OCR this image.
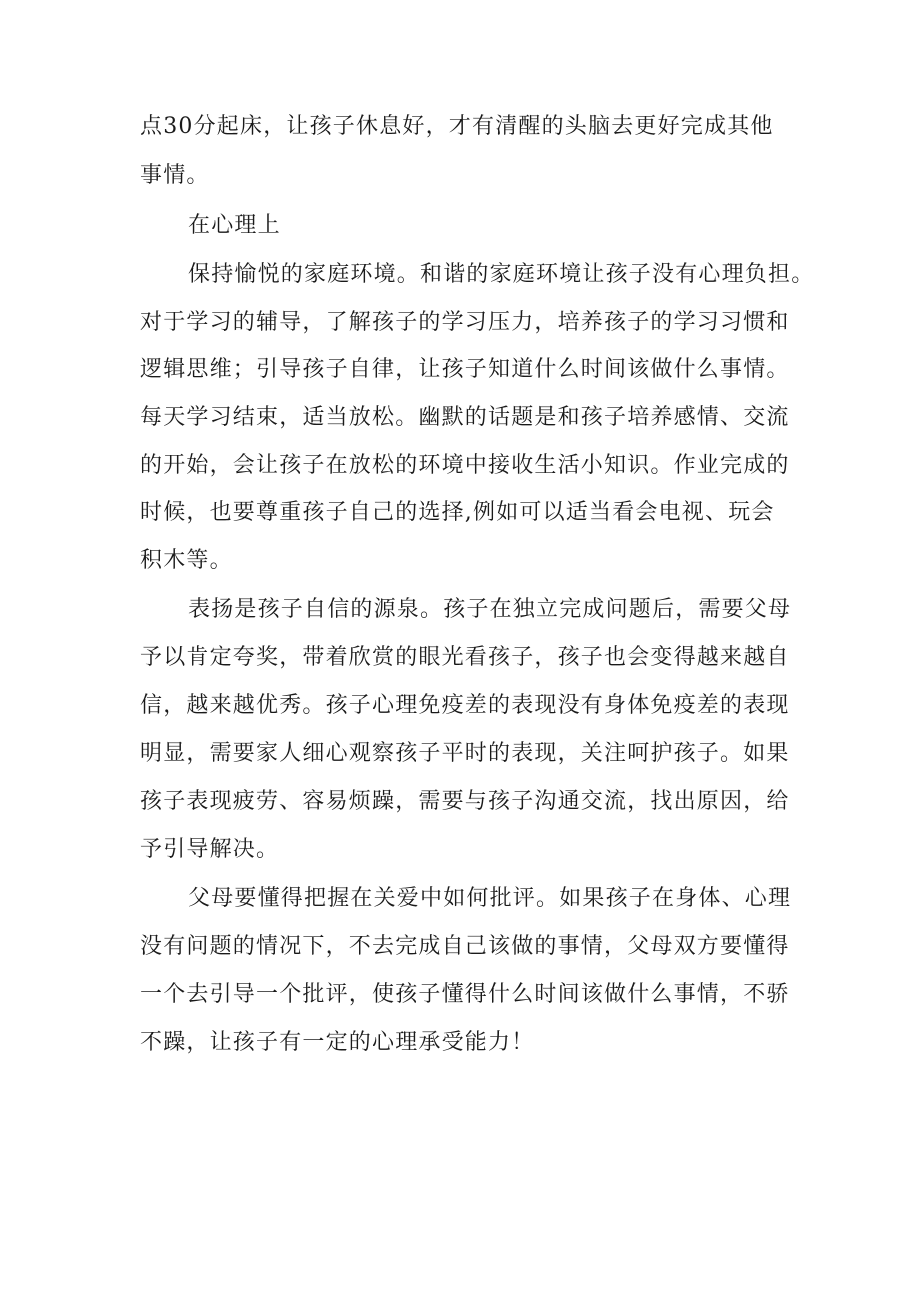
点30分起床，让孩子休息好，才有清醒的头脑去更好完成其他
事情。
在心理上
保持愉悦的家庭环境。和谐的家庭环境让孩子没有心理负担。
对于学习的辅导，了解孩子的学习压力，培养孩子的学习习惯和
逻辑思维；引导孩子自律，让孩子知道什么时间该做什么事情。
每天学习结束，适当放松。幽默的话题是和孩子培养感情、交流
的开始，会让孩子在放松的环境中接收生活小知识。作业完成的
时候，也要尊重孩子自己的选择,例如可以适当看会电视、玩会
积木等。
表扬是孩子自信的源泉。孩子在独立完成问题后，需要父母
予以肯定夸奖，带着欣赏的眼光看孩子，孩子也会变得越来越自
信，越来越优秀。孩子心理免疫差的表现没有身体免疫差的表现
明显，需要家人细心观察孩子平时的表现，关注呵护孩子。如果
孩子表现疲劳、容易烦躁，需要与孩子沟通交流，找出原因，给
予引导解决。
父母要懂得把握在关爱中如何批评。如果孩子在身体、心理
没有问题的情况下，不去完成自己该做的事情，父母双方要懂得
一个去引导一个批评，使孩子懂得什么时间该做什么事情，不骄
不躁，让孩子有一定的心理承受能力！
